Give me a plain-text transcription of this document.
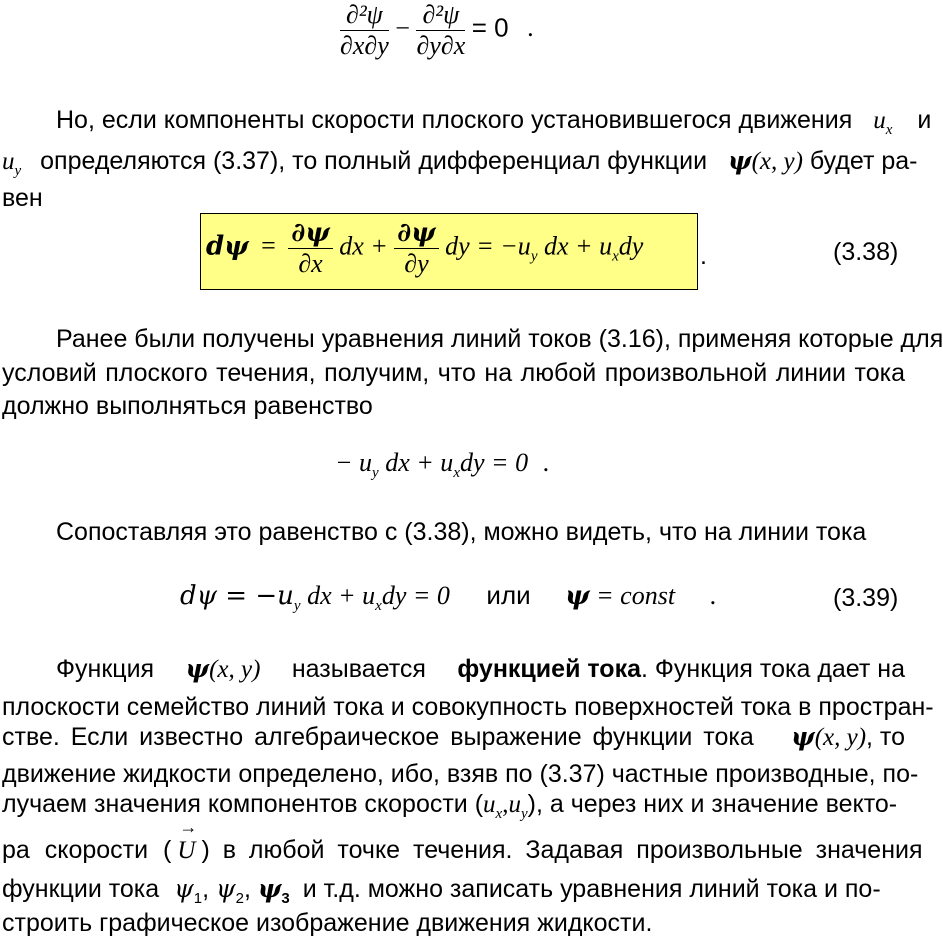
$\frac{\text{∂²ψ}}{\partial x\partial y} - \frac{\text{∂²ψ}}{\partial y\partial x} = 0$ .
Но, если компоненты скорости плоского установившегося движения $u_x$ и
$u_y$ определяются (3.37), то полный дифференциал функции ψ(x, y) будет ра-
вен
$d\psi = \frac{\partial\psi}{\partial x}$ dx + $\frac{\partial\psi}{\partial y}$ dy = $-u_y$ dx + $u_xdy$ .	(3.38)
Ранее были получены уравнения линий токов (3.16), применяя которые для
условий плоского течения, получим, что на любой произвольной линии тока
должно выполняться равенство
− $u_y$ dx + $u_xdy = 0$ .
Сопоставляя это равенство с (3.38), можно видеть, что на линии тока
$d\psi = -u_y$ dx + $u_xdy = 0$ или ψ = const .	(3.39)
Функция ψ(x, y) называется функцией тока. Функция тока дает на
плоскости семейство линий тока и совокупность поверхностей тока в простран-
стве. Если известно алгебраическое выражение функции тока ψ(x, y), то
движение жидкости определено, ибо, взяв по (3.37) частные производные, по-
лучаем значения компонентов скорости $(u_x,u_y)$, а через них и значение векто-
ра скорости (
→
U ) в любой точке течения. Задавая произвольные значения
функции тока $\psi_1$, $\psi_2$, $\psi_3$ и т.д. можно записать уравнения линий тока и по-
строить графическое изображение движения жидкости.
